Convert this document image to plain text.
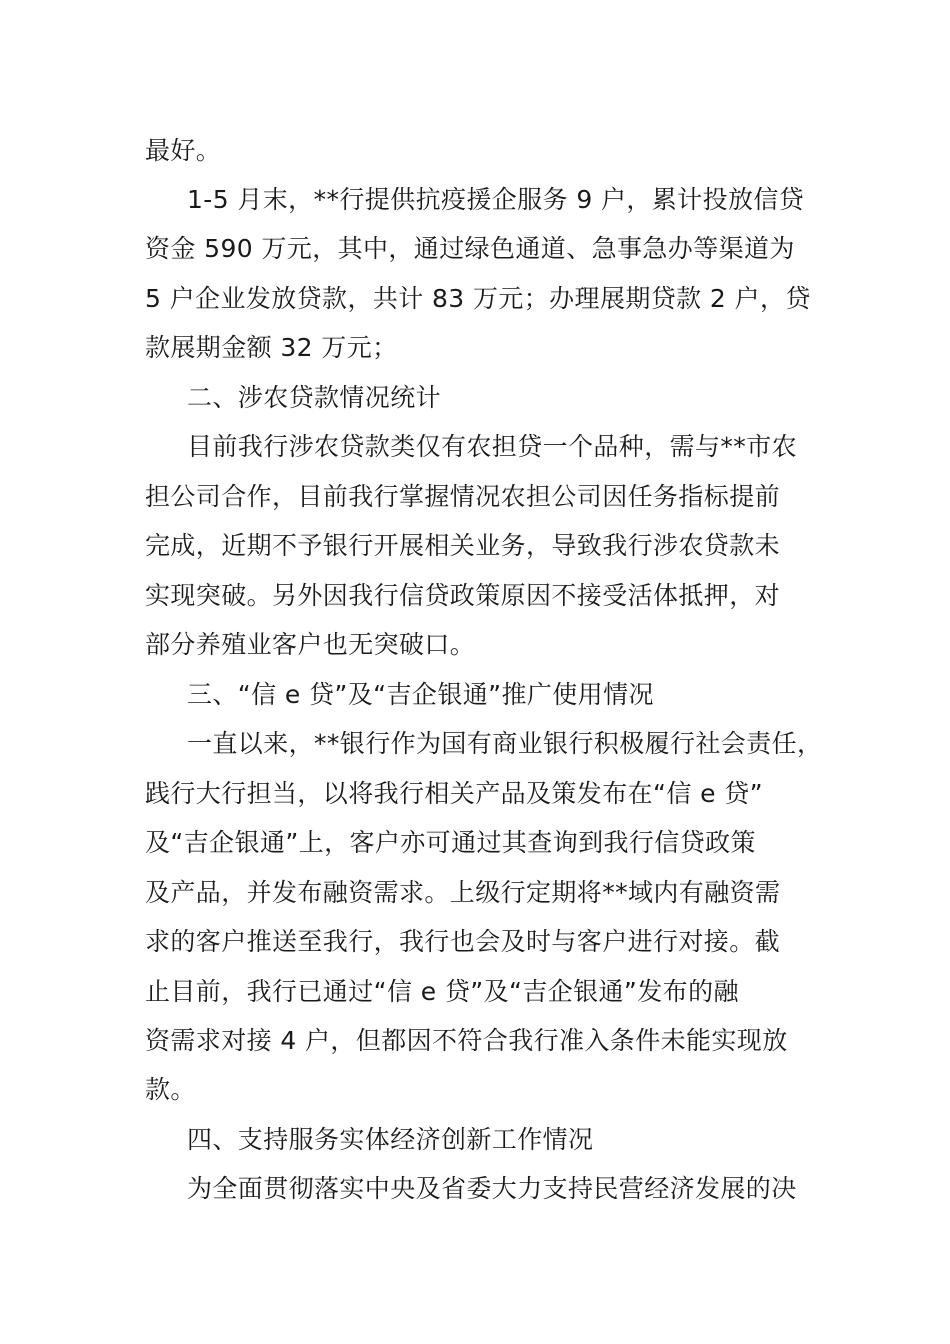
最好。
1-5 月末，**行提供抗疫援企服务 9 户，累计投放信贷
资金 590 万元，其中，通过绿色通道、急事急办等渠道为
5 户企业发放贷款，共计 83 万元；办理展期贷款 2 户，贷
款展期金额 32 万元；
二、涉农贷款情况统计
目前我行涉农贷款类仅有农担贷一个品种，需与**市农
担公司合作，目前我行掌握情况农担公司因任务指标提前
完成，近期不予银行开展相关业务，导致我行涉农贷款未
实现突破。另外因我行信贷政策原因不接受活体抵押，对
部分养殖业客户也无突破口。
三、“信 e 贷”及“吉企银通”推广使用情况
一直以来，**银行作为国有商业银行积极履行社会责任，
践行大行担当，以将我行相关产品及策发布在“信 e 贷”
及“吉企银通”上，客户亦可通过其查询到我行信贷政策
及产品，并发布融资需求。上级行定期将**域内有融资需
求的客户推送至我行，我行也会及时与客户进行对接。截
止目前，我行已通过“信 e 贷”及“吉企银通”发布的融
资需求对接 4 户，但都因不符合我行准入条件未能实现放
款。
四、支持服务实体经济创新工作情况
为全面贯彻落实中央及省委大力支持民营经济发展的决
